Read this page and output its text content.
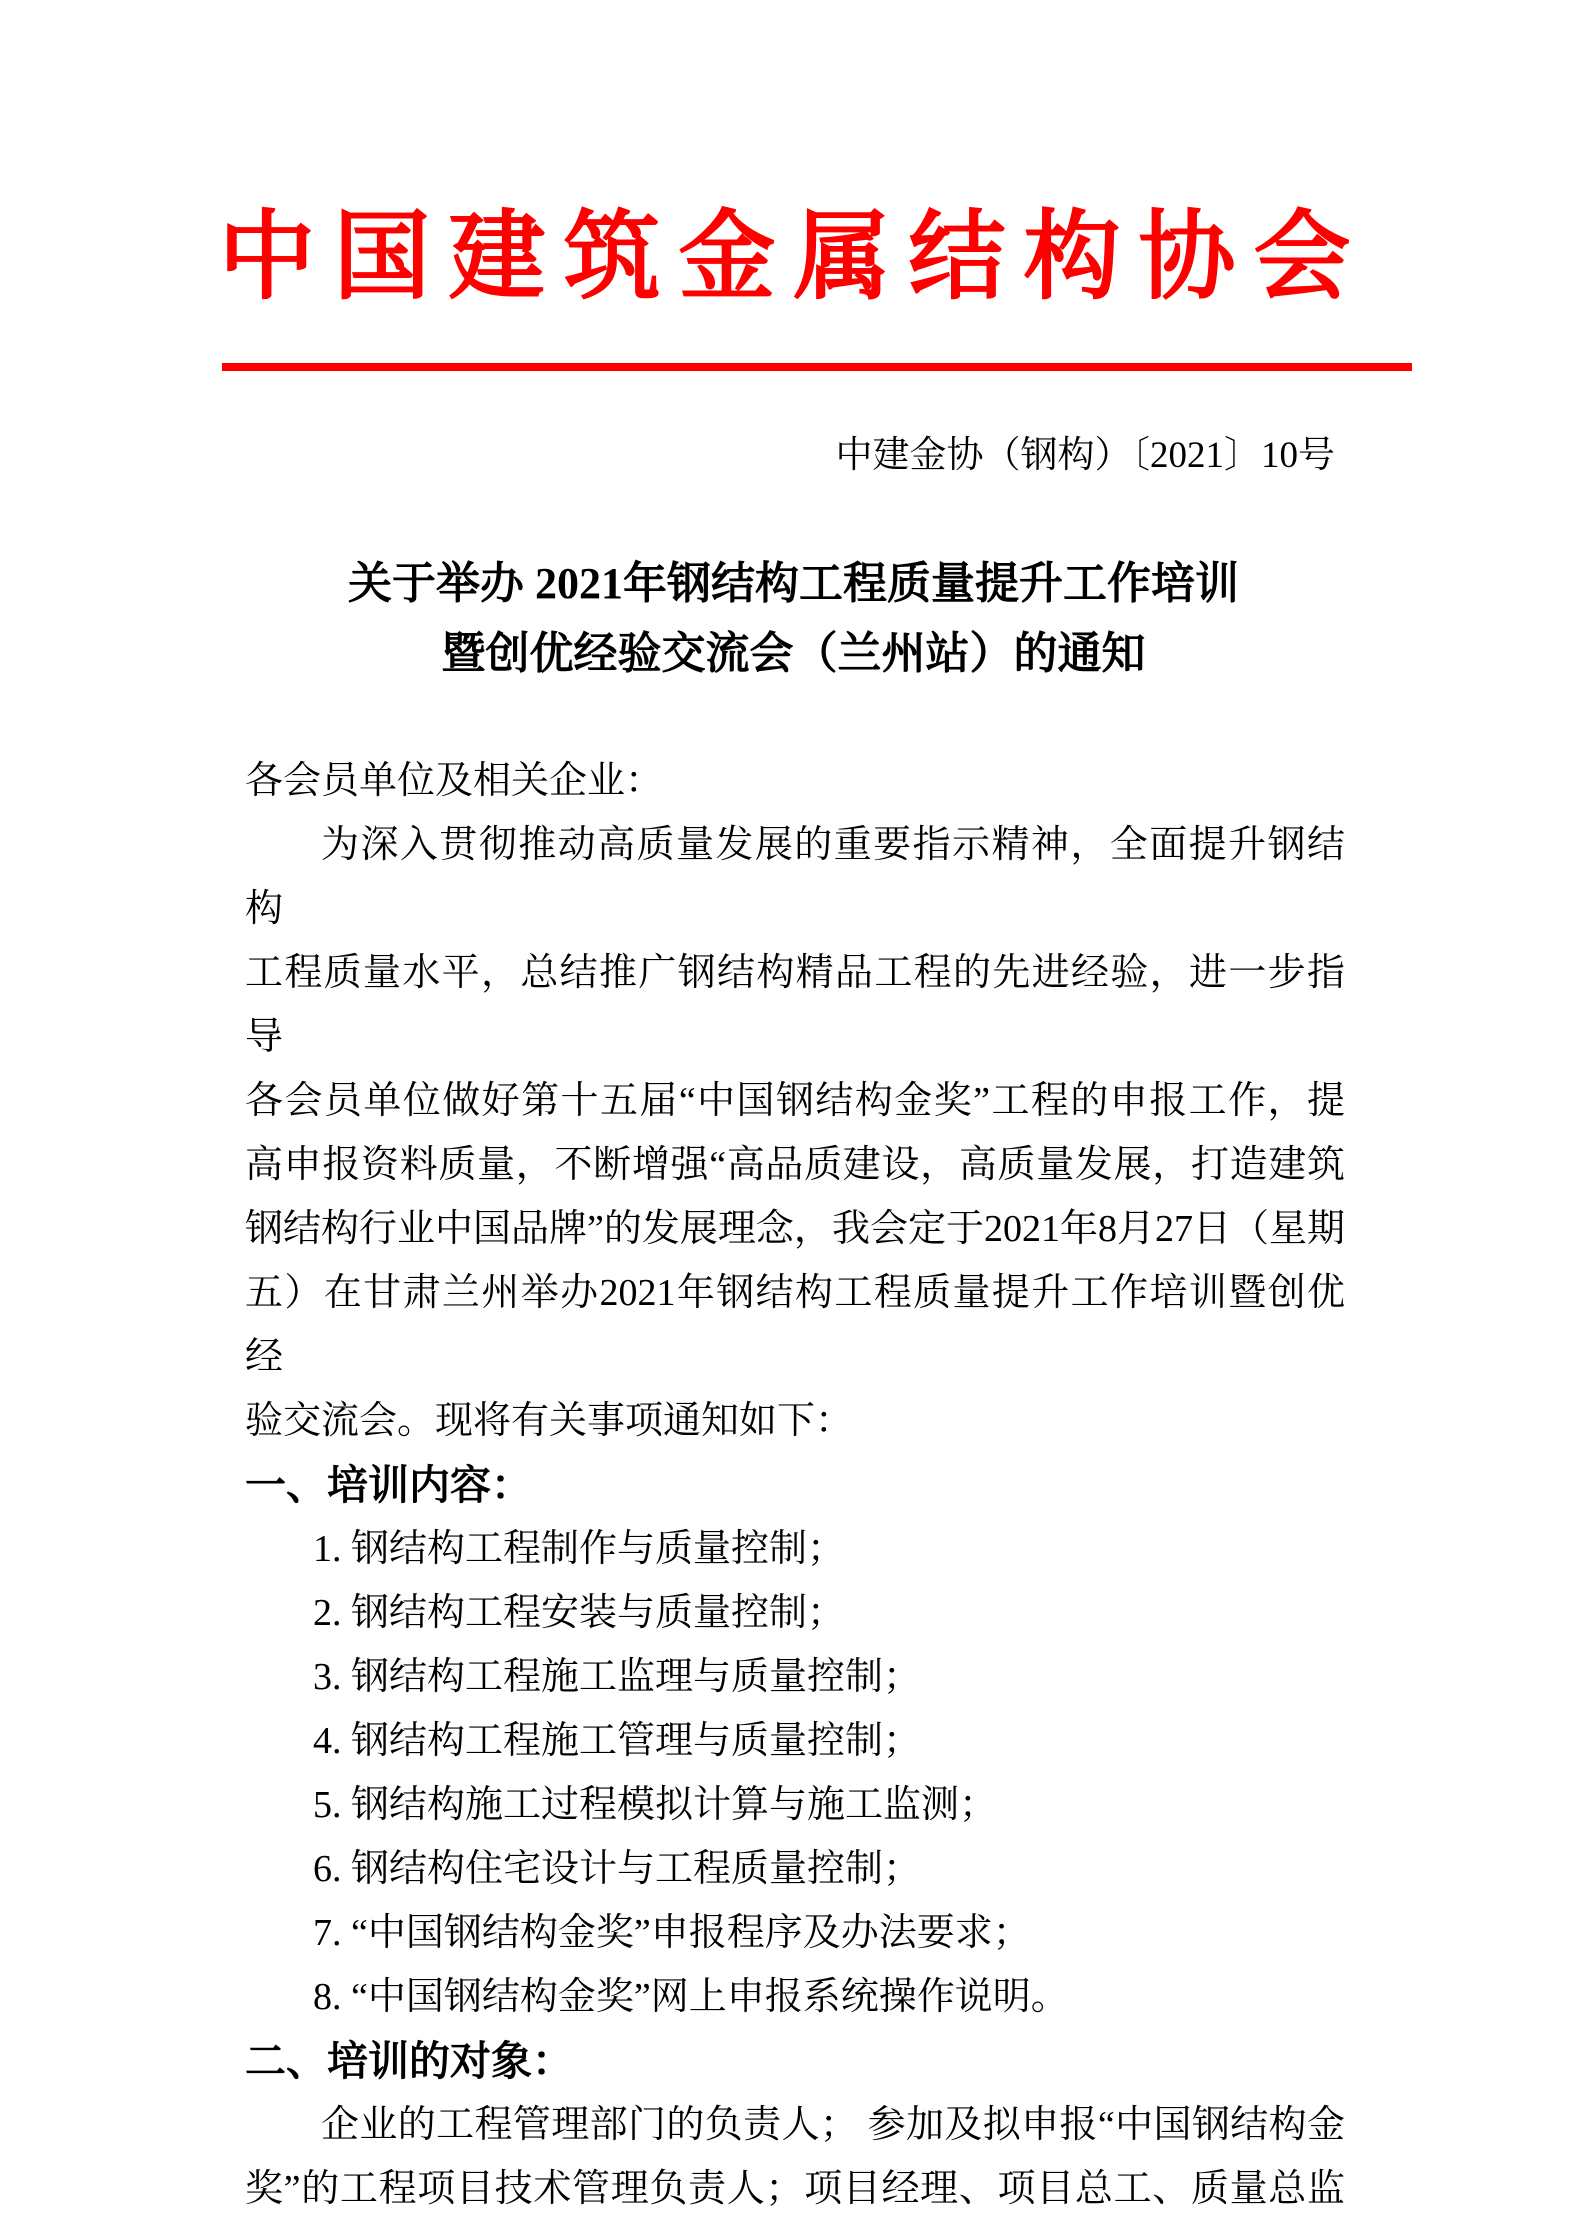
中国建筑金属结构协会
中建金协（钢构）〔2021〕10号
关于举办 2021年钢结构工程质量提升工作培训
暨创优经验交流会（兰州站）的通知
各会员单位及相关企业：
为深入贯彻推动高质量发展的重要指示精神，全面提升钢结构
工程质量水平，总结推广钢结构精品工程的先进经验，进一步指导
各会员单位做好第十五届“中国钢结构金奖”工程的申报工作，提
高申报资料质量，不断增强“高品质建设，高质量发展，打造建筑
钢结构行业中国品牌”的发展理念，我会定于2021年8月27日（星期
五）在甘肃兰州举办2021年钢结构工程质量提升工作培训暨创优经
验交流会。现将有关事项通知如下：
一、培训内容：
1. 钢结构工程制作与质量控制；
2. 钢结构工程安装与质量控制；
3. 钢结构工程施工监理与质量控制；
4. 钢结构工程施工管理与质量控制；
5. 钢结构施工过程模拟计算与施工监测；
6. 钢结构住宅设计与工程质量控制；
7. “中国钢结构金奖”申报程序及办法要求；
8. “中国钢结构金奖”网上申报系统操作说明。
二、培训的对象：
企业的工程管理部门的负责人； 参加及拟申报“中国钢结构金
奖”的工程项目技术管理负责人；项目经理、项目总工、质量总监
